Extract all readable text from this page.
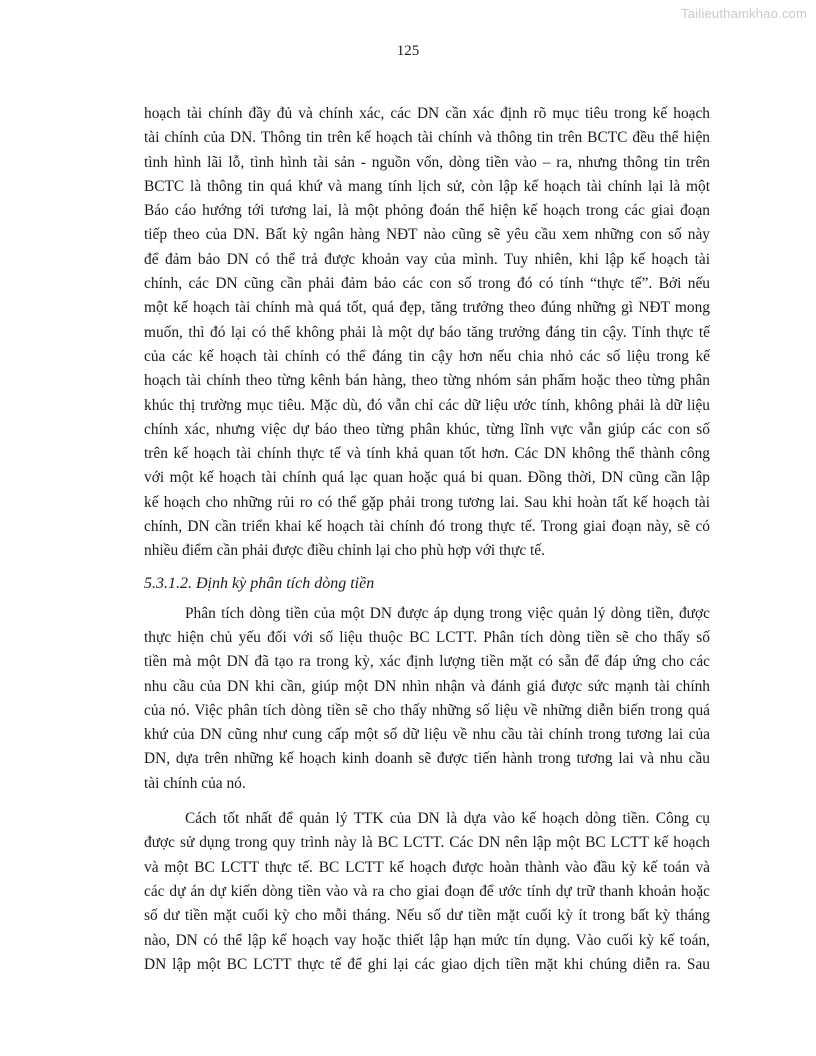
Tailieuthamkhao.com
125
hoạch tài chính đầy đủ và chính xác, các DN cần xác định rõ mục tiêu trong kế hoạch
tài chính của DN. Thông tin trên kế hoạch tài chính và thông tin trên BCTC đều thể hiện
tình hình lãi lỗ, tình hình tài sản - nguồn vốn, dòng tiền vào – ra, nhưng thông tin trên
BCTC là thông tin quá khứ và mang tính lịch sử, còn lập kế hoạch tài chính lại là một
Báo cáo hướng tới tương lai, là một phỏng đoán thể hiện kế hoạch trong các giai đoạn
tiếp theo của DN. Bất kỳ ngân hàng NĐT nào cũng sẽ yêu cầu xem những con số này
để đảm bảo DN có thể trả được khoản vay của mình. Tuy nhiên, khi lập kế hoạch tài
chính, các DN cũng cần phải đảm bảo các con số trong đó có tính “thực tế”. Bởi nếu
một kế hoạch tài chính mà quá tốt, quá đẹp, tăng trưởng theo đúng những gì NĐT mong
muốn, thì đó lại có thể không phải là một dự báo tăng trưởng đáng tin cậy. Tính thực tế
của các kế hoạch tài chính có thể đáng tin cậy hơn nếu chia nhỏ các số liệu trong kế
hoạch tài chính theo từng kênh bán hàng, theo từng nhóm sản phẩm hoặc theo từng phân
khúc thị trường mục tiêu. Mặc dù, đó vẫn chỉ các dữ liệu ước tính, không phải là dữ liệu
chính xác, nhưng việc dự báo theo từng phân khúc, từng lĩnh vực vẫn giúp các con số
trên kế hoạch tài chính thực tế và tính khả quan tốt hơn. Các DN không thể thành công
với một kế hoạch tài chính quá lạc quan hoặc quá bi quan. Đồng thời, DN cũng cần lập
kế hoạch cho những rủi ro có thể gặp phải trong tương lai. Sau khi hoàn tất kế hoạch tài
chính, DN cần triển khai kế hoạch tài chính đó trong thực tế. Trong giai đoạn này, sẽ có
nhiều điểm cần phải được điều chỉnh lại cho phù hợp với thực tế.
5.3.1.2. Định kỳ phân tích dòng tiền
Phân tích dòng tiền của một DN được áp dụng trong việc quản lý dòng tiền, được
thực hiện chủ yếu đối với số liệu thuộc BC LCTT. Phân tích dòng tiền sẽ cho thấy số
tiền mà một DN đã tạo ra trong kỳ, xác định lượng tiền mặt có sẵn để đáp ứng cho các
nhu cầu của DN khi cần, giúp một DN nhìn nhận và đánh giá được sức mạnh tài chính
của nó. Việc phân tích dòng tiền sẽ cho thấy những số liệu về những diễn biến trong quá
khứ của DN cũng như cung cấp một số dữ liệu về nhu cầu tài chính trong tương lai của
DN, dựa trên những kế hoạch kinh doanh sẽ được tiến hành trong tương lai và nhu cầu
tài chính của nó.
Cách tốt nhất để quản lý TTK của DN là dựa vào kế hoạch dòng tiền. Công cụ
được sử dụng trong quy trình này là BC LCTT. Các DN nên lập một BC LCTT kế hoạch
và một BC LCTT thực tế. BC LCTT kế hoạch được hoàn thành vào đầu kỳ kế toán và
các dự án dự kiến dòng tiền vào và ra cho giai đoạn để ước tính dự trữ thanh khoản hoặc
số dư tiền mặt cuối kỳ cho mỗi tháng. Nếu số dư tiền mặt cuối kỳ ít trong bất kỳ tháng
nào, DN có thể lập kế hoạch vay hoặc thiết lập hạn mức tín dụng. Vào cuối kỳ kế toán,
DN lập một BC LCTT thực tế để ghi lại các giao dịch tiền mặt khi chúng diễn ra. Sau
